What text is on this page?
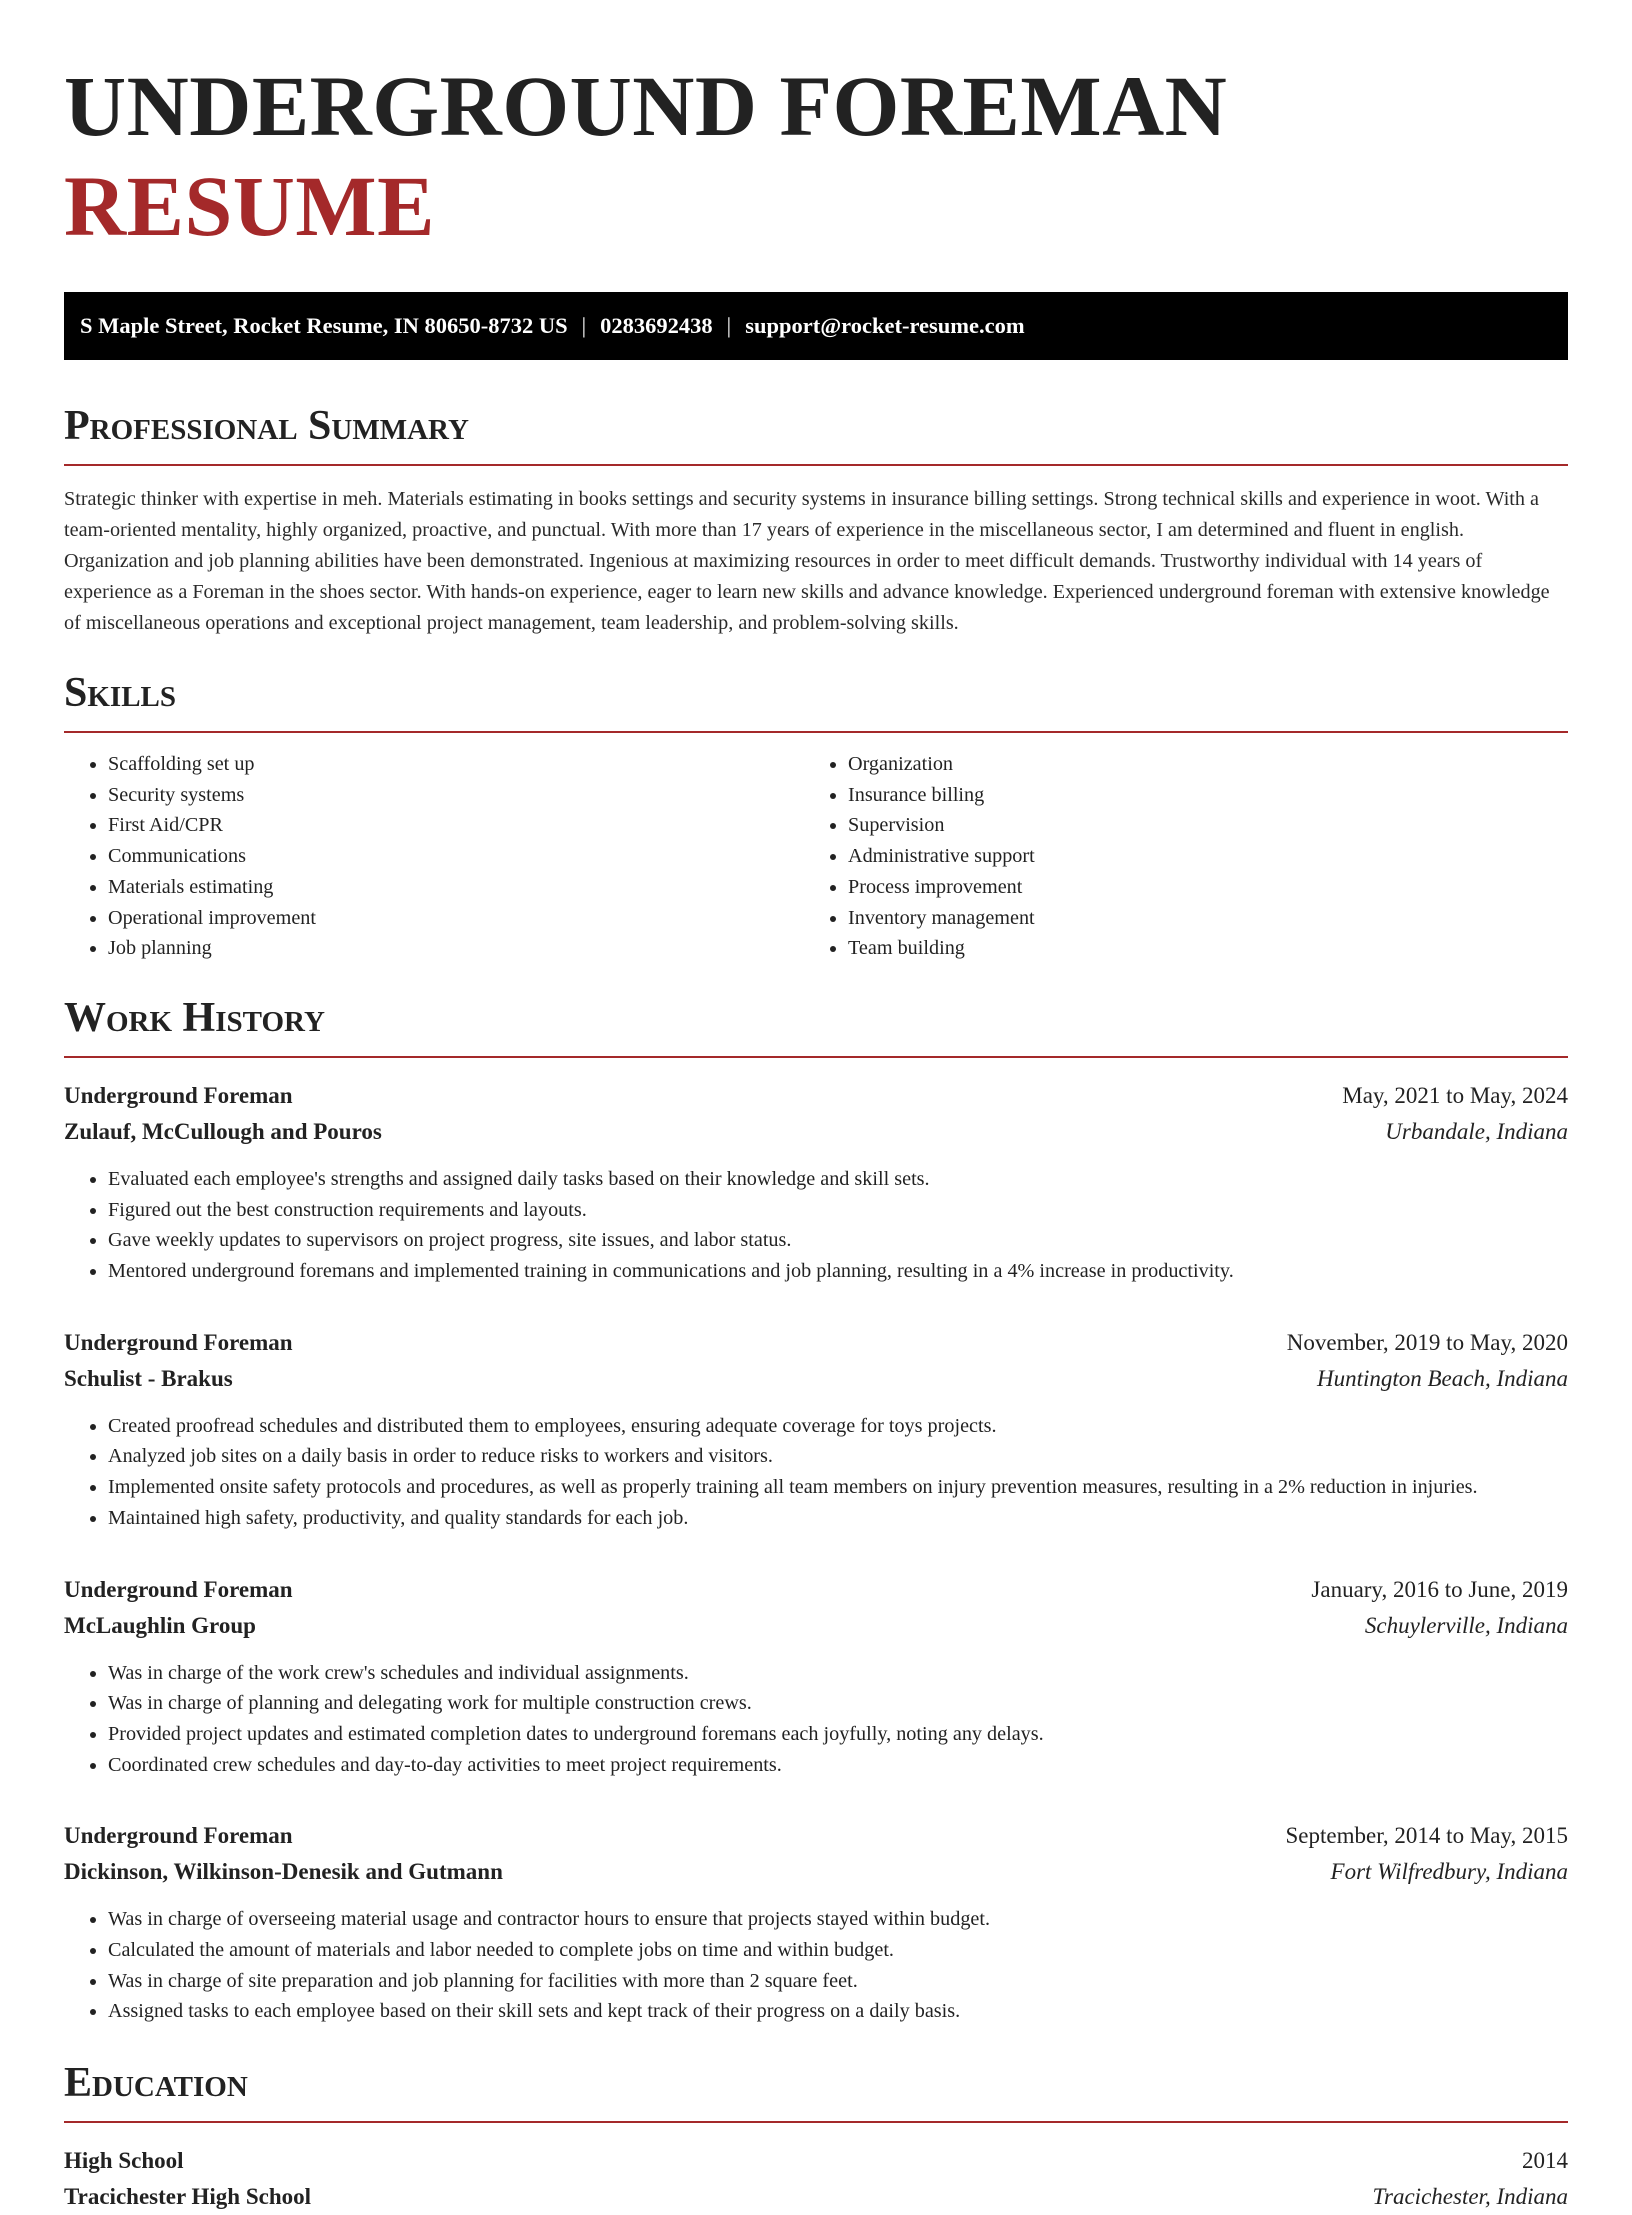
UNDERGROUND FOREMAN RESUME
S Maple Street, Rocket Resume, IN 80650-8732 US | 0283692438 | support@rocket-resume.com
Professional Summary

Strategic thinker with expertise in meh. Materials estimating in books settings and security systems in insurance billing settings. Strong technical skills and experience in woot. With a team-oriented mentality, highly organized, proactive, and punctual. With more than 17 years of experience in the miscellaneous sector, I am determined and fluent in english. Organization and job planning abilities have been demonstrated. Ingenious at maximizing resources in order to meet difficult demands. Trustworthy individual with 14 years of experience as a Foreman in the shoes sector. With hands-on experience, eager to learn new skills and advance knowledge. Experienced underground foreman with extensive knowledge of miscellaneous operations and exceptional project management, team leadership, and problem-solving skills.

Skills
• Scaffolding set up
• Security systems
• First Aid/CPR
• Communications
• Materials estimating
• Operational improvement
• Job planning
• Organization
• Insurance billing
• Supervision
• Administrative support
• Process improvement
• Inventory management
• Team building
Work History
Underground Foreman	May, 2021 to May, 2024
Zulauf, McCullough and Pouros	Urbandale, Indiana
• Evaluated each employee's strengths and assigned daily tasks based on their knowledge and skill sets.
• Figured out the best construction requirements and layouts.
• Gave weekly updates to supervisors on project progress, site issues, and labor status.
• Mentored underground foremans and implemented training in communications and job planning, resulting in a 4% increase in productivity.
Underground Foreman	November, 2019 to May, 2020
Schulist - Brakus	Huntington Beach, Indiana
• Created proofread schedules and distributed them to employees, ensuring adequate coverage for toys projects.
• Analyzed job sites on a daily basis in order to reduce risks to workers and visitors.
• Implemented onsite safety protocols and procedures, as well as properly training all team members on injury prevention measures, resulting in a 2% reduction in injuries.
• Maintained high safety, productivity, and quality standards for each job.
Underground Foreman	January, 2016 to June, 2019
McLaughlin Group	Schuylerville, Indiana
• Was in charge of the work crew's schedules and individual assignments.
• Was in charge of planning and delegating work for multiple construction crews.
• Provided project updates and estimated completion dates to underground foremans each joyfully, noting any delays.
• Coordinated crew schedules and day-to-day activities to meet project requirements.
Underground Foreman	September, 2014 to May, 2015
Dickinson, Wilkinson-Denesik and Gutmann	Fort Wilfredbury, Indiana
• Was in charge of overseeing material usage and contractor hours to ensure that projects stayed within budget.
• Calculated the amount of materials and labor needed to complete jobs on time and within budget.
• Was in charge of site preparation and job planning for facilities with more than 2 square feet.
• Assigned tasks to each employee based on their skill sets and kept track of their progress on a daily basis.
Education
High School	2014
Tracichester High School	Tracichester, Indiana
